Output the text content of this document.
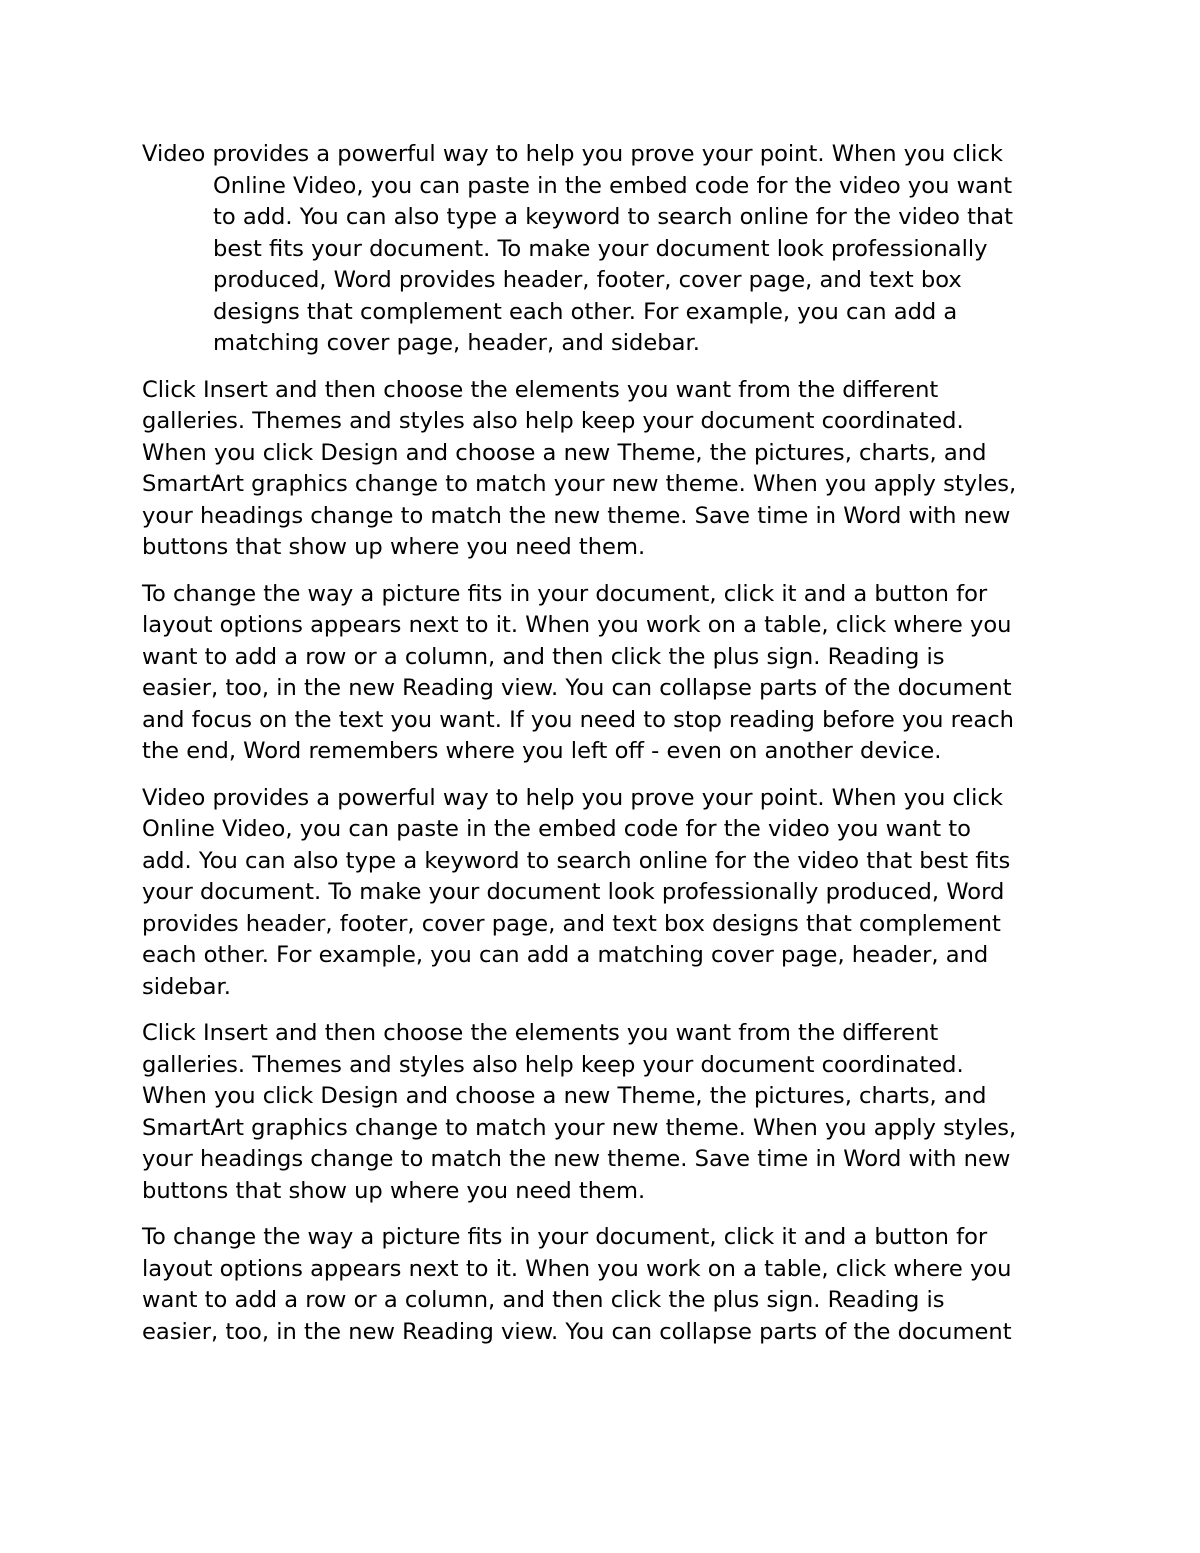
Video provides a powerful way to help you prove your point. When you click
Online Video, you can paste in the embed code for the video you want
to add. You can also type a keyword to search online for the video that
best fits your document. To make your document look professionally
produced, Word provides header, footer, cover page, and text box
designs that complement each other. For example, you can add a
matching cover page, header, and sidebar.
Click Insert and then choose the elements you want from the different
galleries. Themes and styles also help keep your document coordinated.
When you click Design and choose a new Theme, the pictures, charts, and
SmartArt graphics change to match your new theme. When you apply styles,
your headings change to match the new theme. Save time in Word with new
buttons that show up where you need them.
To change the way a picture fits in your document, click it and a button for
layout options appears next to it. When you work on a table, click where you
want to add a row or a column, and then click the plus sign. Reading is
easier, too, in the new Reading view. You can collapse parts of the document
and focus on the text you want. If you need to stop reading before you reach
the end, Word remembers where you left off - even on another device.
Video provides a powerful way to help you prove your point. When you click
Online Video, you can paste in the embed code for the video you want to
add. You can also type a keyword to search online for the video that best fits
your document. To make your document look professionally produced, Word
provides header, footer, cover page, and text box designs that complement
each other. For example, you can add a matching cover page, header, and
sidebar.
Click Insert and then choose the elements you want from the different
galleries. Themes and styles also help keep your document coordinated.
When you click Design and choose a new Theme, the pictures, charts, and
SmartArt graphics change to match your new theme. When you apply styles,
your headings change to match the new theme. Save time in Word with new
buttons that show up where you need them.
To change the way a picture fits in your document, click it and a button for
layout options appears next to it. When you work on a table, click where you
want to add a row or a column, and then click the plus sign. Reading is
easier, too, in the new Reading view. You can collapse parts of the document
